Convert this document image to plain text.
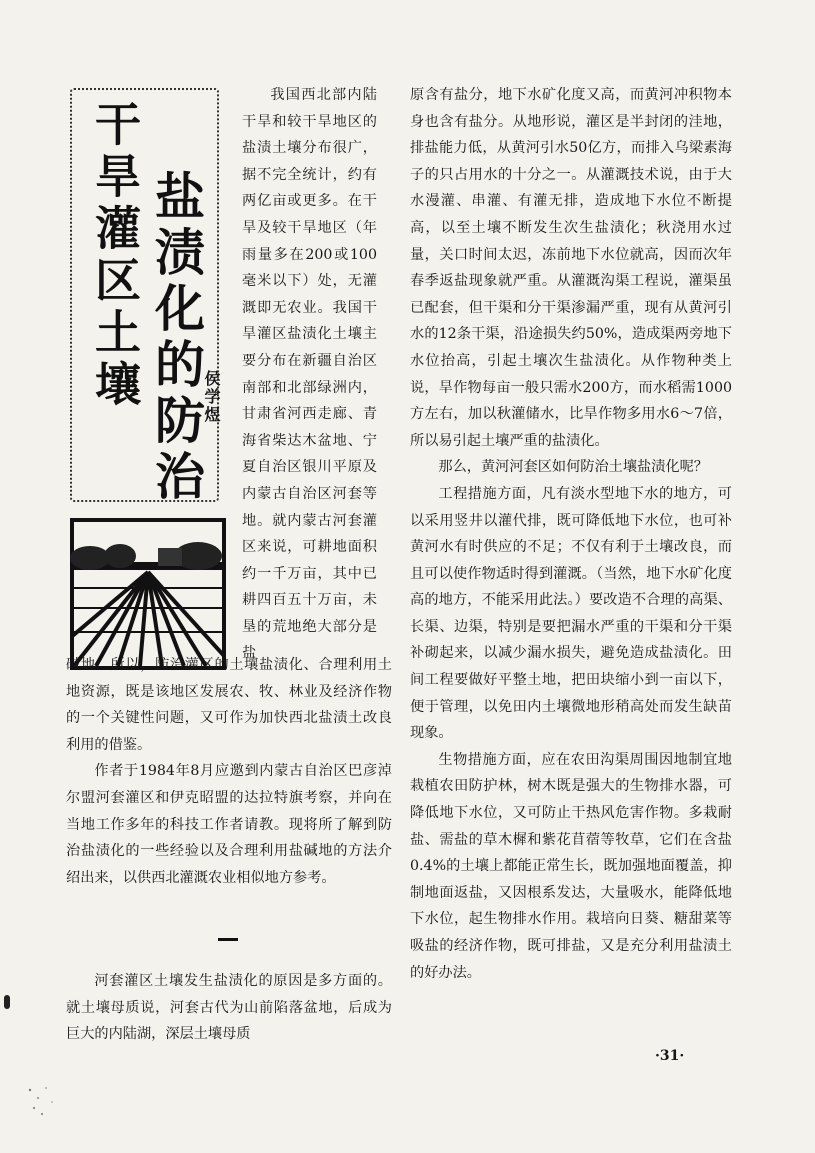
干旱灌区土壤 盐渍化的防治
侯学煜

我国西北部内陆干旱和较干旱地区的盐渍土壤分布很广，据不完全统计，约有两亿亩或更多。在干旱及较干旱地区（年雨量多在200或100毫米以下）处，无灌溉即无农业。我国干旱灌区盐渍化土壤主要分布在新疆自治区南部和北部绿洲内，甘肃省河西走廊、青海省柴达木盆地、宁夏自治区银川平原及内蒙古自治区河套等地。就内蒙古河套灌区来说，可耕地面积约一千万亩，其中已耕四百五十万亩，未垦的荒地绝大部分是盐

碱地。所以，防治灌区的土壤盐渍化、合理利用土地资源，既是该地区发展农、牧、林业及经济作物的一个关键性问题，又可作为加快西北盐渍土改良利用的借鉴。

作者于1984年8月应邀到内蒙古自治区巴彦淖尔盟河套灌区和伊克昭盟的达拉特旗考察，并向在当地工作多年的科技工作者请教。现将所了解到防治盐渍化的一些经验以及合理利用盐碱地的方法介绍出来，以供西北灌溉农业相似地方参考。

河套灌区土壤发生盐渍化的原因是多方面的。就土壤母质说，河套古代为山前陷落盆地，后成为巨大的内陆湖，深层土壤母质

原含有盐分，地下水矿化度又高，而黄河冲积物本身也含有盐分。从地形说，灌区是半封闭的洼地，排盐能力低，从黄河引水50亿方，而排入乌梁素海子的只占用水的十分之一。从灌溉技术说，由于大水漫灌、串灌、有灌无排，造成地下水位不断提高，以至土壤不断发生次生盐渍化；秋浇用水过量，关口时间太迟，冻前地下水位就高，因而次年春季返盐现象就严重。从灌溉沟渠工程说，灌渠虽已配套，但干渠和分干渠渗漏严重，现有从黄河引水的12条干渠，沿途损失约50%，造成渠两旁地下水位抬高，引起土壤次生盐渍化。从作物种类上说，旱作物每亩一般只需水200方，而水稻需1000方左右，加以秋灌储水，比旱作物多用水6～7倍，所以易引起土壤严重的盐渍化。

那么，黄河河套区如何防治土壤盐渍化呢？

工程措施方面，凡有淡水型地下水的地方，可以采用竖井以灌代排，既可降低地下水位，也可补黄河水有时供应的不足；不仅有利于土壤改良，而且可以使作物适时得到灌溉。（当然，地下水矿化度高的地方，不能采用此法。）要改造不合理的高渠、长渠、边渠，特别是要把漏水严重的干渠和分干渠补砌起来，以减少漏水损失，避免造成盐渍化。田间工程要做好平整土地，把田块缩小到一亩以下，便于管理，以免田内土壤微地形稍高处而发生缺苗现象。

生物措施方面，应在农田沟渠周围因地制宜地栽植农田防护林，树木既是强大的生物排水器，可降低地下水位，又可防止干热风危害作物。多栽耐盐、需盐的草木樨和紫花苜蓿等牧草，它们在含盐0.4%的土壤上都能正常生长，既加强地面覆盖，抑制地面返盐，又因根系发达，大量吸水，能降低地下水位，起生物排水作用。栽培向日葵、糖甜菜等吸盐的经济作物，既可排盐，又是充分利用盐渍土的好办法。

·31·
